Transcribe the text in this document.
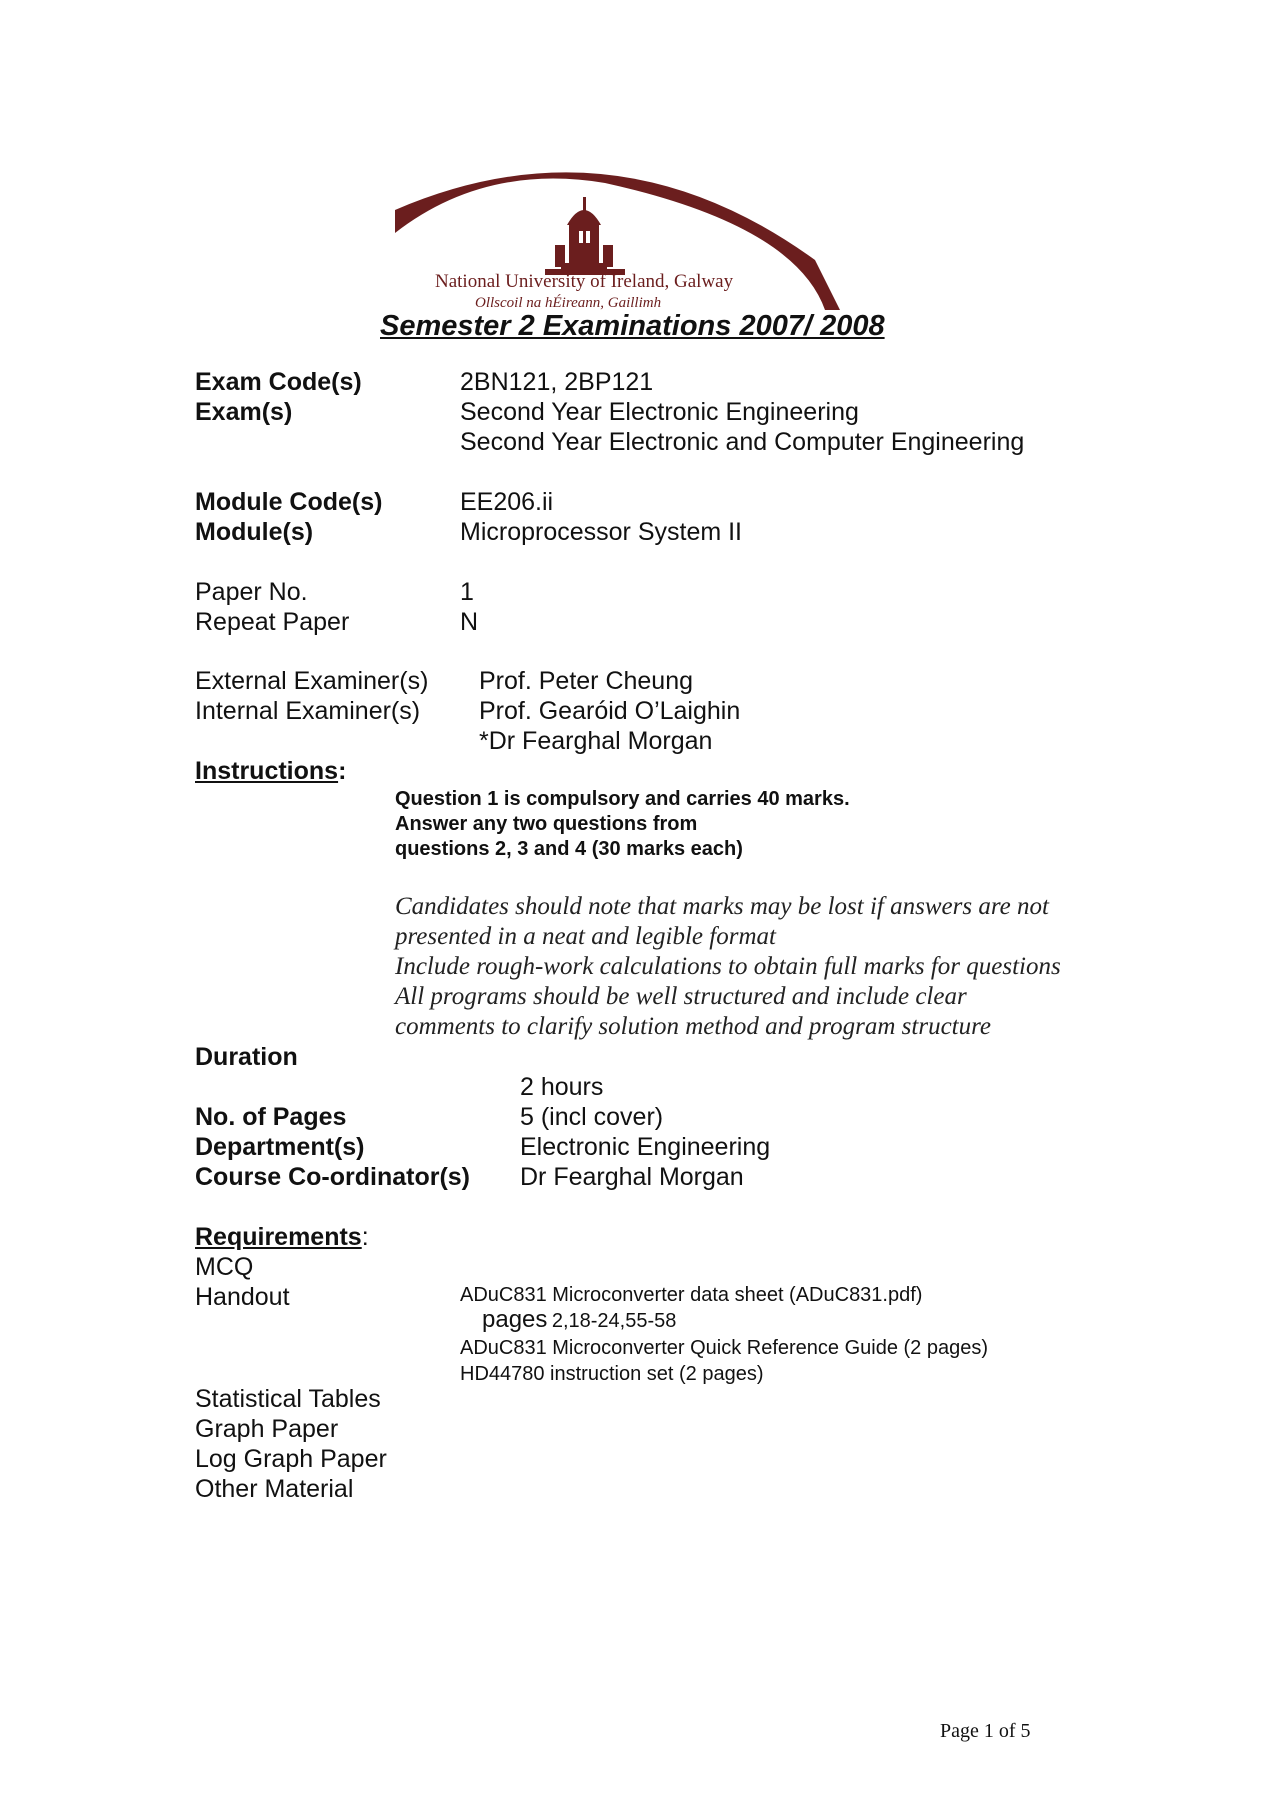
National University of Ireland, Galway
Ollscoil na hÉireann, Gaillimh
Semester 2 Examinations 2007/ 2008
Exam Code(s)	2BN121, 2BP121
Exam(s)	Second Year Electronic Engineering
Second Year Electronic and Computer Engineering
Module Code(s)	EE206.ii
Module(s)	Microprocessor System II
Paper No.	1
Repeat Paper	N
External Examiner(s) Prof. Peter Cheung
Internal Examiner(s) Prof. Gearóid O’Laighin
*Dr Fearghal Morgan
Instructions:
Question 1 is compulsory and carries 40 marks.
Answer any two questions from
questions 2, 3 and 4 (30 marks each)
Candidates should note that marks may be lost if answers are not
presented in a neat and legible format
Include rough-work calculations to obtain full marks for questions
All programs should be well structured and include clear
comments to clarify solution method and program structure
Duration
2 hours
No. of Pages	5 (incl cover)
Department(s)	Electronic Engineering
Course Co-ordinator(s) Dr Fearghal Morgan
Requirements:
MCQ
Handout	ADuC831 Microconverter data sheet (ADuC831.pdf)
pages 2,18-24,55-58
ADuC831 Microconverter Quick Reference Guide (2 pages)
HD44780 instruction set (2 pages)
Statistical Tables
Graph Paper
Log Graph Paper
Other Material
Page 1 of 5
